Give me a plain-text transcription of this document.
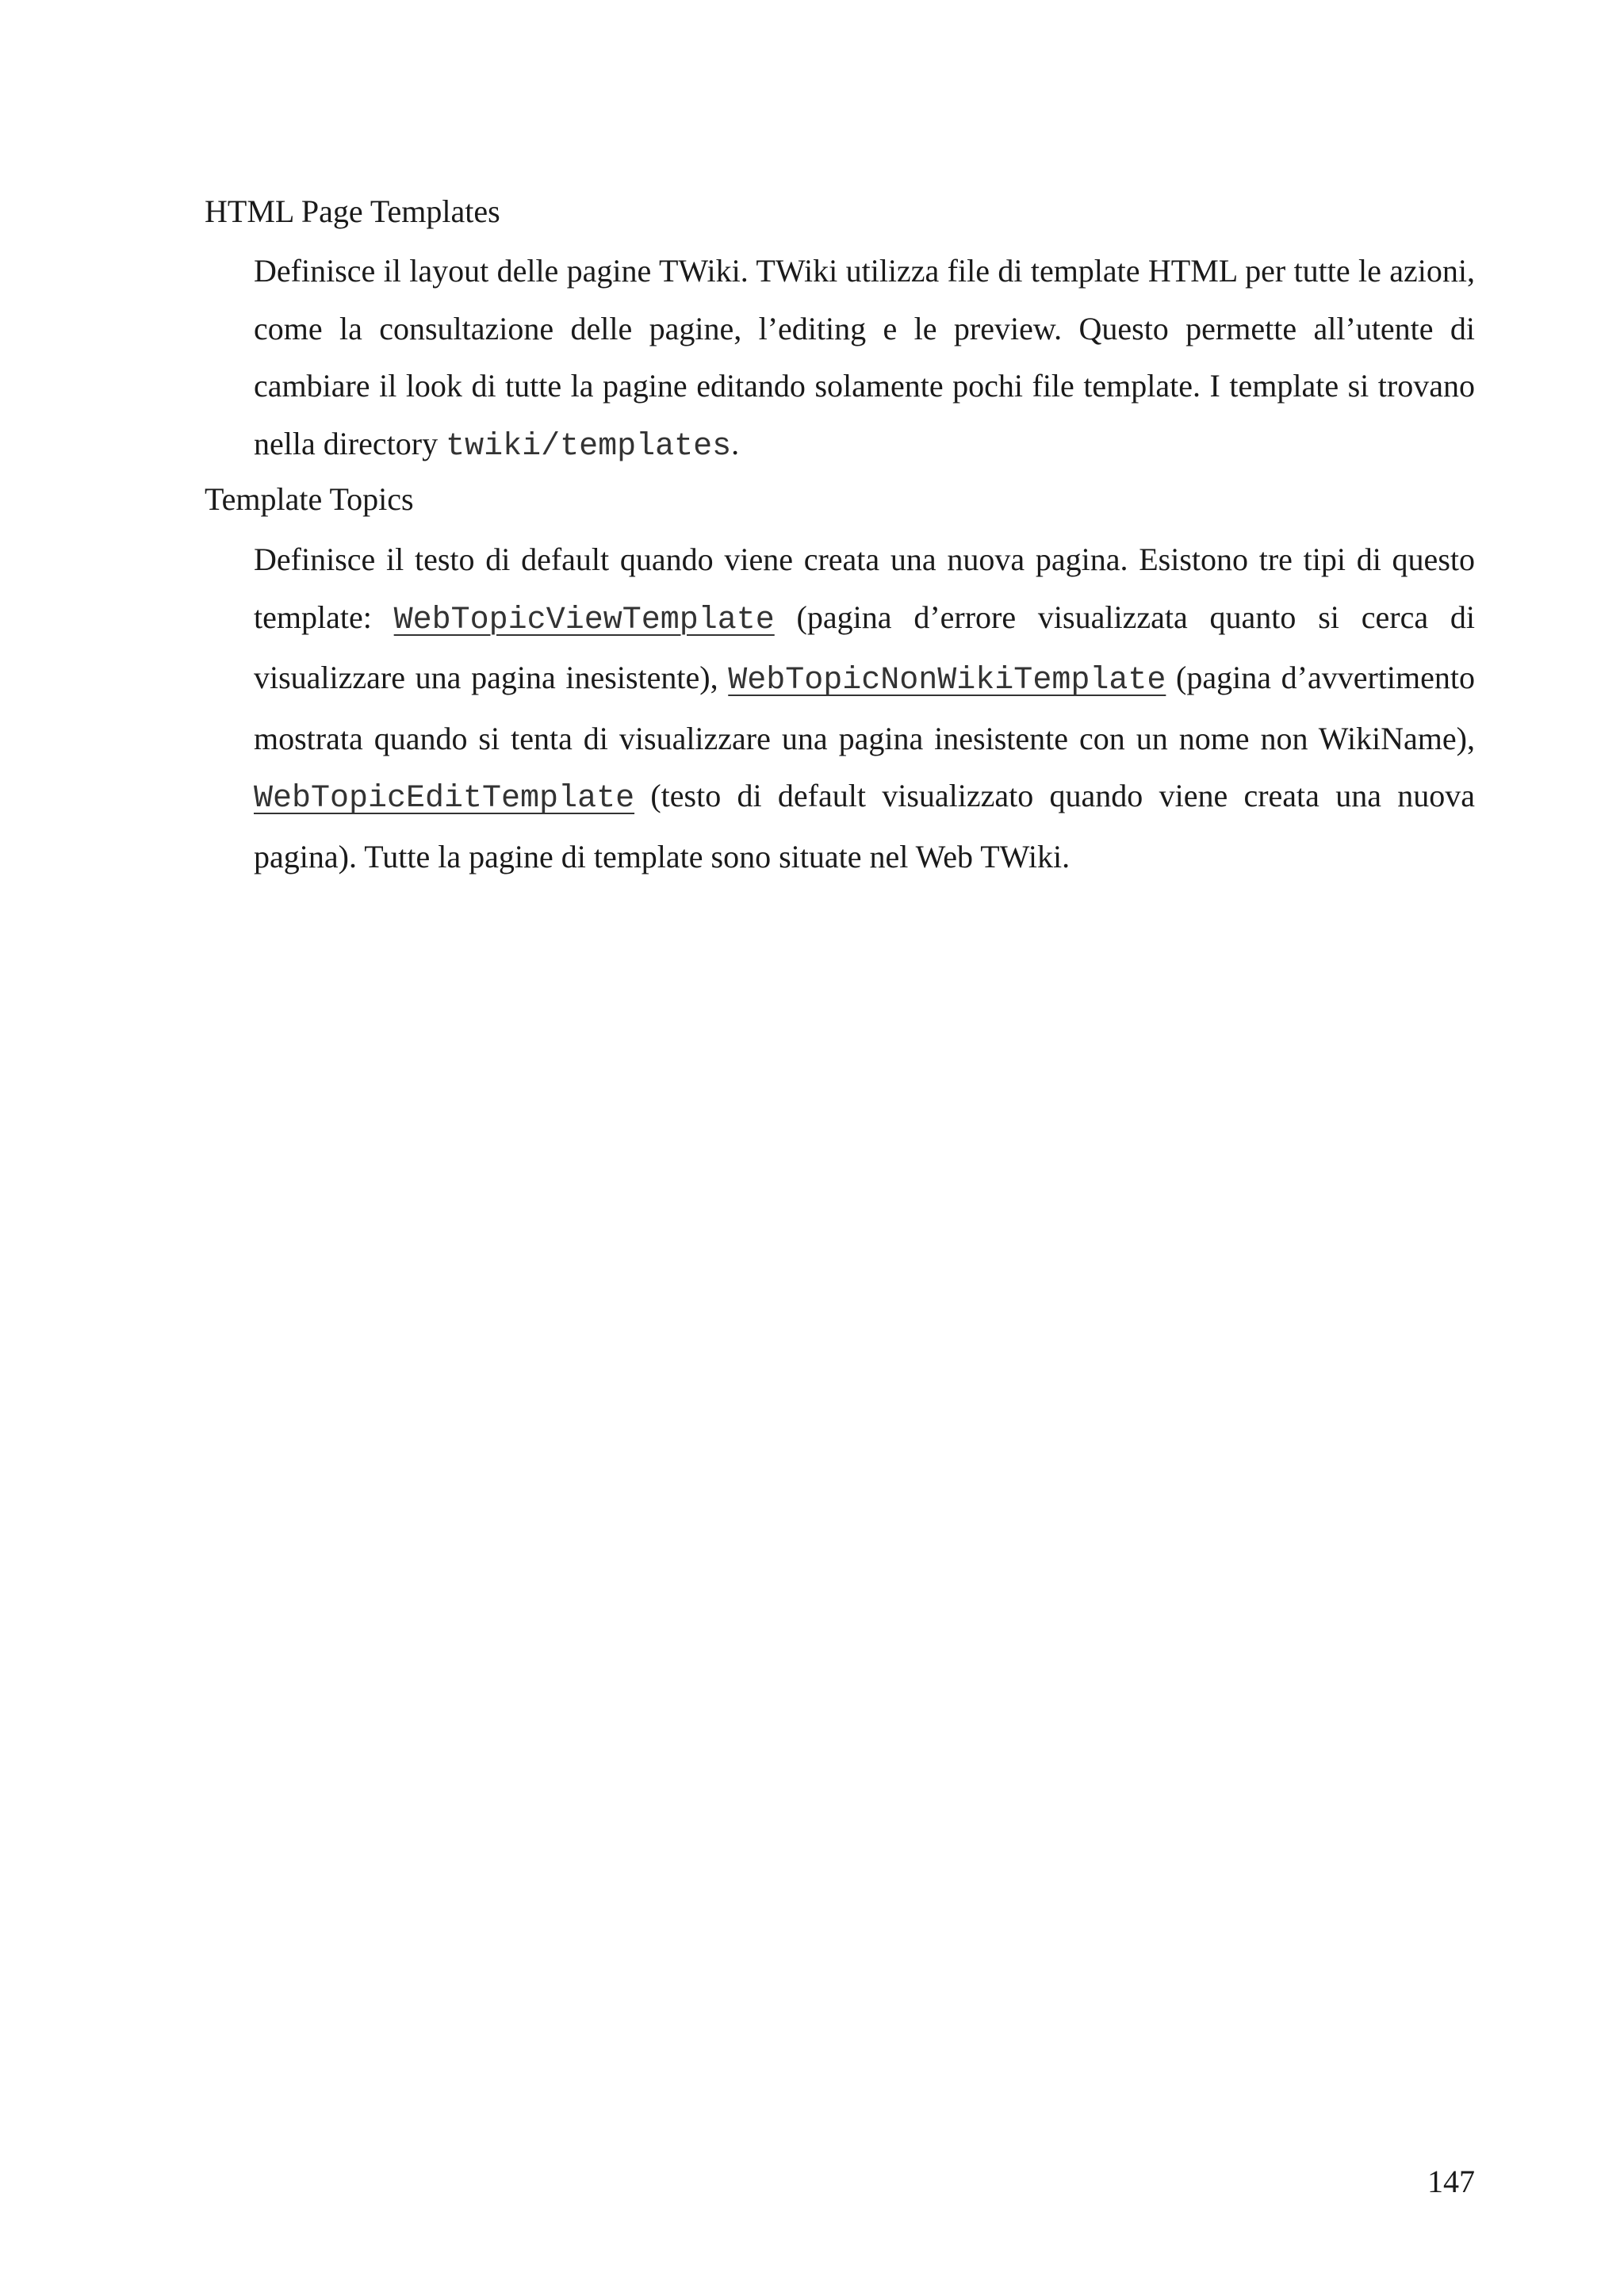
HTML Page Templates
Definisce il layout delle pagine TWiki. TWiki utilizza file di template HTML per tutte le azioni, come la consultazione delle pagine, l’editing e le preview. Questo permette all’utente di cambiare il look di tutte la pagine editando solamente pochi file template. I template si trovano nella directory twiki/templates.
Template Topics
Definisce il testo di default quando viene creata una nuova pagina. Esistono tre tipi di questo template: WebTopicViewTemplate (pagina d’errore visualizzata quanto si cerca di visualizzare una pagina inesistente), WebTopicNonWikiTemplate (pagina d’avvertimento mostrata quando si tenta di visualizzare una pagina inesistente con un nome non WikiName), WebTopicEditTemplate (testo di default visualizzato quando viene creata una nuova pagina). Tutte la pagine di template sono situate nel Web TWiki.
147
